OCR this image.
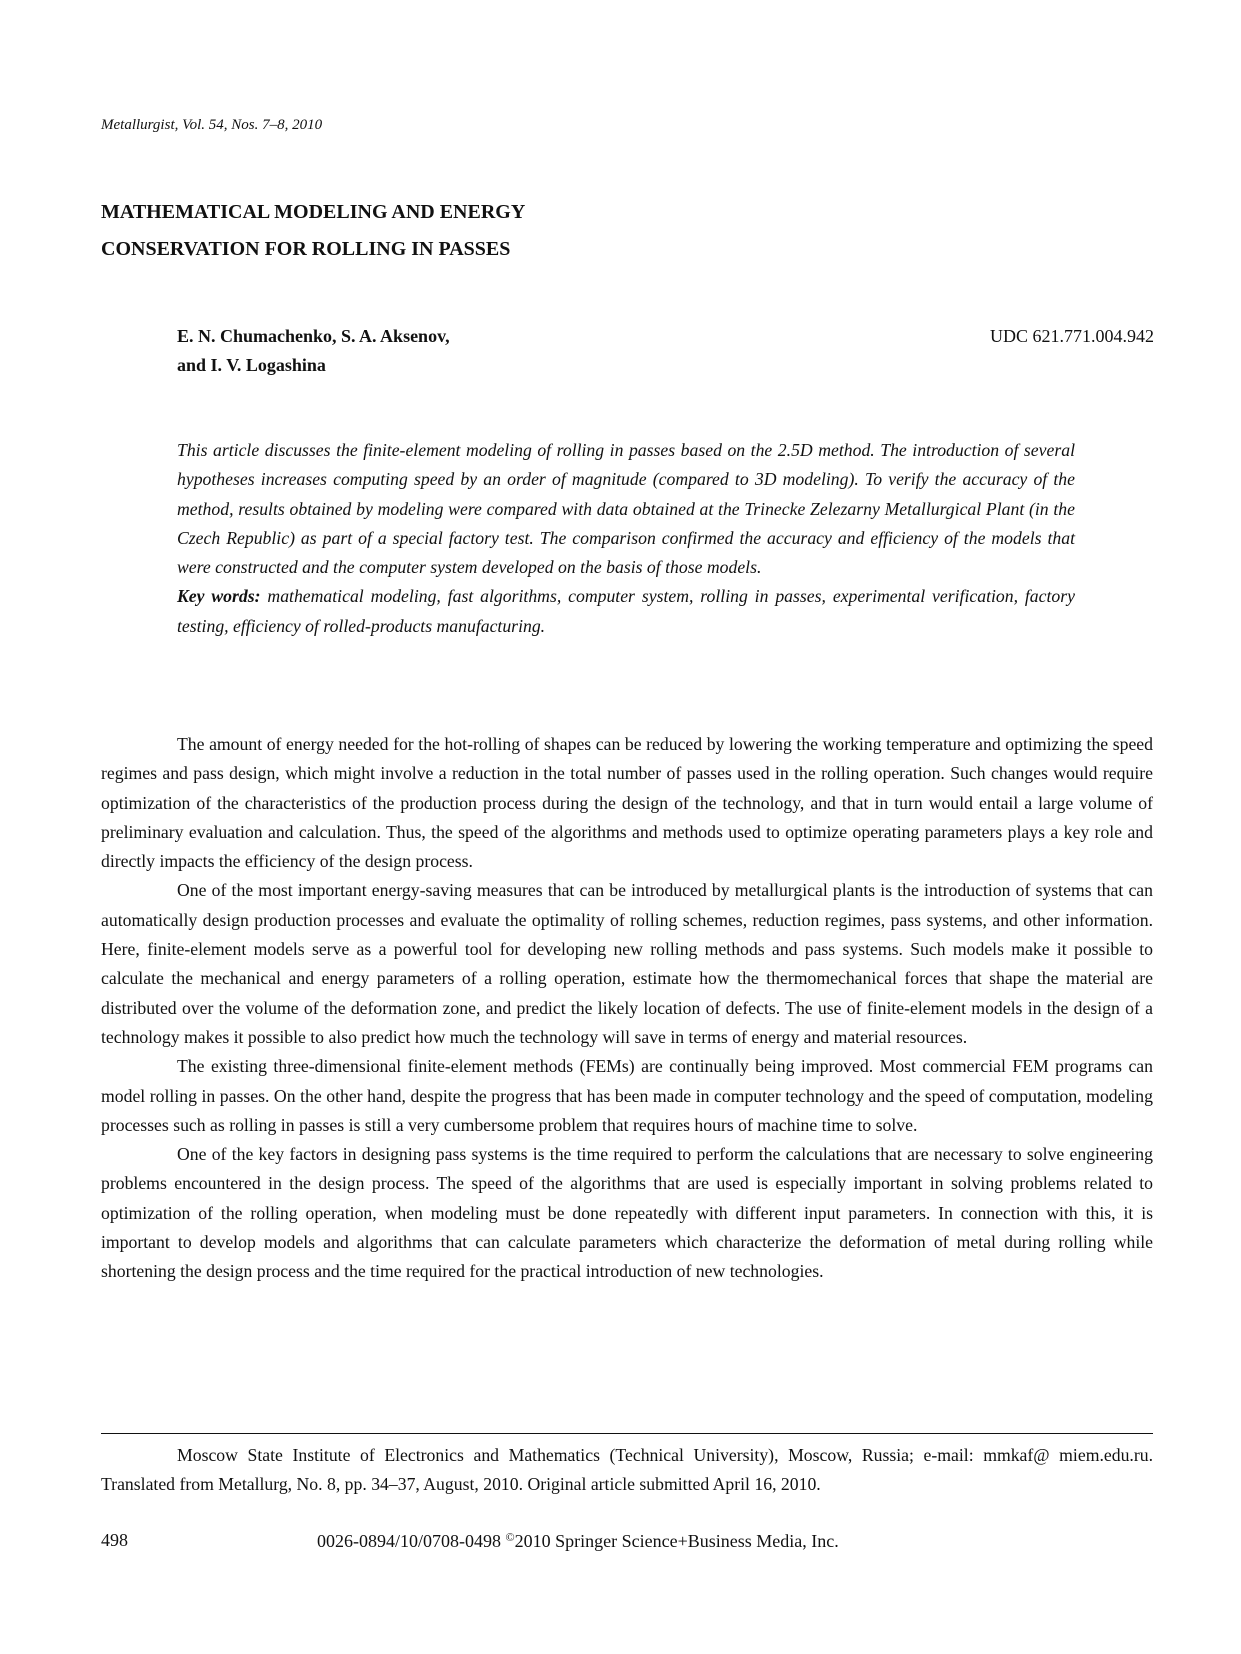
Metallurgist, Vol. 54, Nos. 7–8, 2010
MATHEMATICAL MODELING AND ENERGY
CONSERVATION FOR ROLLING IN PASSES
E. N. Chumachenko, S. A. Aksenov,
and I. V. Logashina
UDC 621.771.004.942

This article discusses the finite-element modeling of rolling in passes based on the 2.5D method. The introduction of several hypotheses increases computing speed by an order of magnitude (compared to 3D modeling). To verify the accuracy of the method, results obtained by modeling were compared with data obtained at the Trinecke Zelezarny Metallurgical Plant (in the Czech Republic) as part of a special factory test. The comparison confirmed the accuracy and efficiency of the models that were constructed and the computer system developed on the basis of those models.

Key words: mathematical modeling, fast algorithms, computer system, rolling in passes, experimental verification, factory testing, efficiency of rolled-products manufacturing.

The amount of energy needed for the hot-rolling of shapes can be reduced by lowering the working temperature and optimizing the speed regimes and pass design, which might involve a reduction in the total number of passes used in the rolling operation. Such changes would require optimization of the characteristics of the production process during the design of the technology, and that in turn would entail a large volume of preliminary evaluation and calculation. Thus, the speed of the algorithms and methods used to optimize operating parameters plays a key role and directly impacts the efficiency of the design process.

One of the most important energy-saving measures that can be introduced by metallurgical plants is the introduction of systems that can automatically design production processes and evaluate the optimality of rolling schemes, reduction regimes, pass systems, and other information. Here, finite-element models serve as a powerful tool for developing new rolling methods and pass systems. Such models make it possible to calculate the mechanical and energy parameters of a rolling operation, estimate how the thermomechanical forces that shape the material are distributed over the volume of the deformation zone, and predict the likely location of defects. The use of finite-element models in the design of a technology makes it possible to also predict how much the technology will save in terms of energy and material resources.

The existing three-dimensional finite-element methods (FEMs) are continually being improved. Most commercial FEM programs can model rolling in passes. On the other hand, despite the progress that has been made in computer technology and the speed of computation, modeling processes such as rolling in passes is still a very cumbersome problem that requires hours of machine time to solve.

One of the key factors in designing pass systems is the time required to perform the calculations that are necessary to solve engineering problems encountered in the design process. The speed of the algorithms that are used is especially important in solving problems related to optimization of the rolling operation, when modeling must be done repeatedly with different input parameters. In connection with this, it is important to develop models and algorithms that can calculate parameters which characterize the deformation of metal during rolling while shortening the design process and the time required for the practical introduction of new technologies.

Moscow State Institute of Electronics and Mathematics (Technical University), Moscow, Russia; e-mail: mmkaf@ miem.edu.ru. Translated from Metallurg, No. 8, pp. 34–37, August, 2010. Original article submitted April 16, 2010.

498	0026-0894/10/0708-0498 ©2010 Springer Science+Business Media, Inc.
